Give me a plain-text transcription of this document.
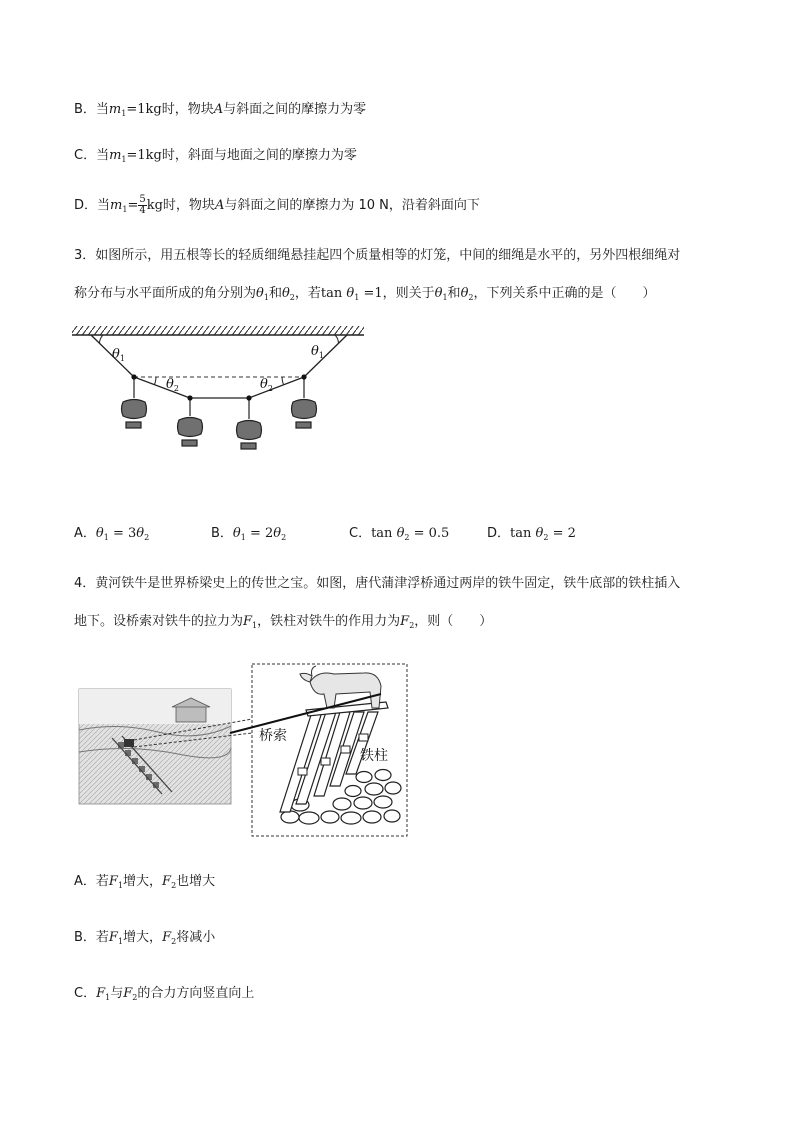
B．当$m_1=1kg$时，物块A与斜面之间的摩擦力为零
C．当$m_1=1kg$时，斜面与地面之间的摩擦力为零
D．当$m_1= \frac{5}{4}$ kg时，物块A与斜面之间的摩擦力为 10 N，沿着斜面向下
3．如图所示，用五根等长的轻质细绳悬挂起四个质量相等的灯笼，中间的细绳是水平的，另外四根细绳对
称分布与水平面所成的角分别为$\theta_1$和$\theta_2$，若$\tan \theta_1 =1$，则关于$\theta_1$和$\theta_2$，下列关系中正确的是（　　）
$\theta_1$	$\theta_1$
$\theta_2$	$\theta_2$
A．$\theta_1 = 3\theta_2$	B．$\theta_1 = 2\theta_2$	C．$\tan \theta_2 = 0.5$	D．$\tan \theta_2 = 2$
4．黄河铁牛是世界桥梁史上的传世之宝。如图，唐代蒲津浮桥通过两岸的铁牛固定，铁牛底部的铁柱插入
地下。设桥索对铁牛的拉力为$F_1$，铁柱对铁牛的作用力为$F_2$，则（　　）
桥索
铁柱
A．若$F_1$增大，$F_2$也增大
B．若$F_1$增大，$F_2$将减小
C．$F_1$与$F_2$的合力方向竖直向上
